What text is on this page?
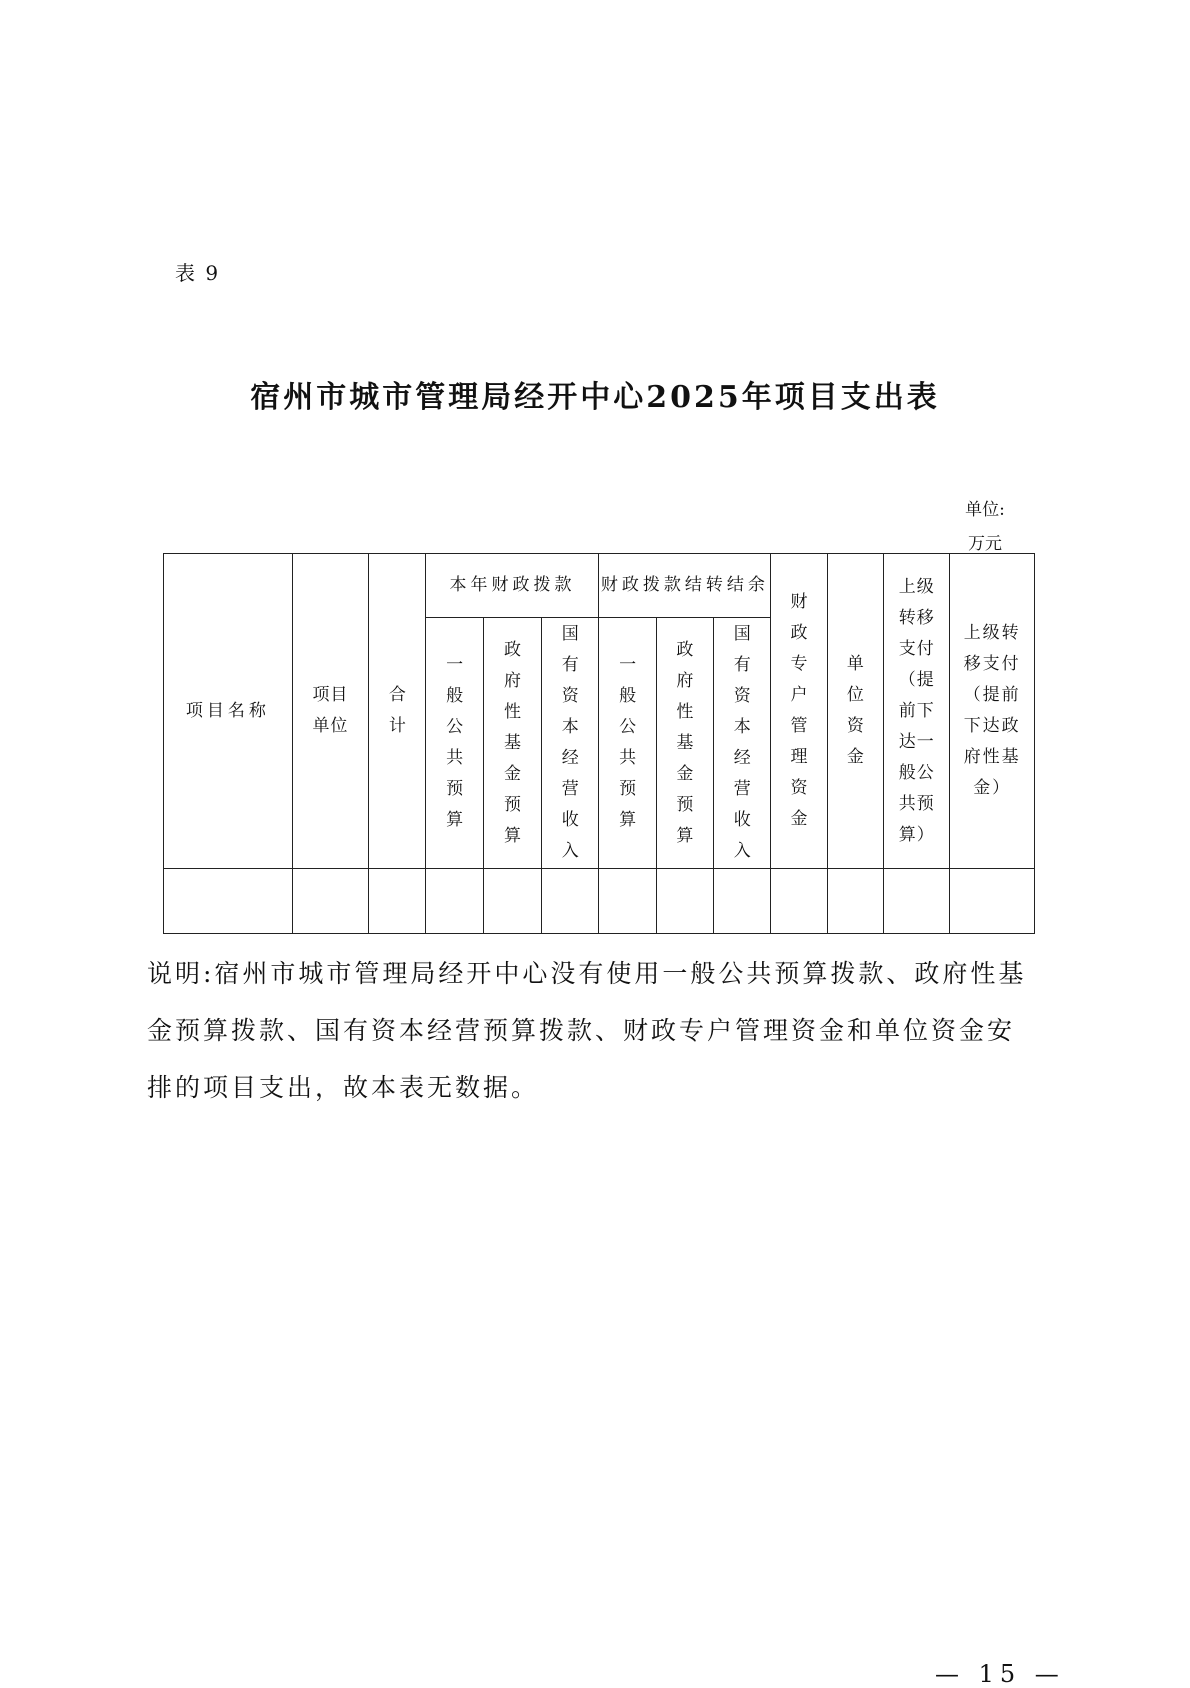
表 9
宿州市城市管理局经开中心2025年项目支出表
单位:
万元
项目名称	项目单位	合计	本年财政拨款			财政拨款结转结余			财政专户管理资金	单位资金	上级转移支付（提前下达一般公共预算）	上级转移支付（提前下达政府性基金）
			一般公共预算	政府性基金预算	国有资本经营收入	一般公共预算	政府性基金预算	国有资本经营收入				

说明:宿州市城市管理局经开中心没有使用一般公共预算拨款、政府性基金预算拨款、国有资本经营预算拨款、财政专户管理资金和单位资金安排的项目支出，故本表无数据。
— 15 —
